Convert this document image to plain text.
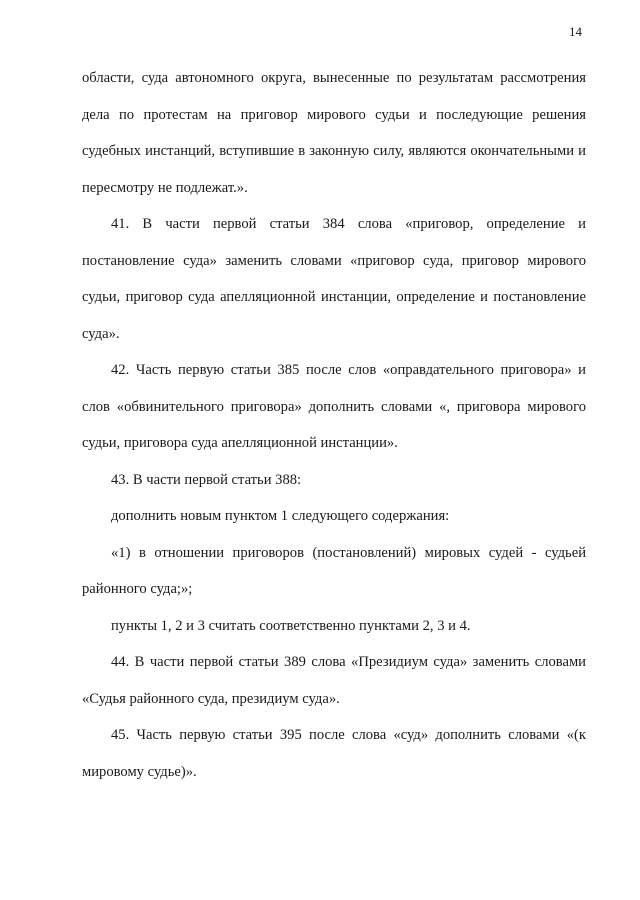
14

области, суда автономного округа, вынесенные по результатам рассмотрения дела по протестам на приговор мирового судьи и последующие решения судебных инстанций, вступившие в законную силу, являются окончательными и пересмотру не подлежат.».

41. В части первой статьи 384 слова «приговор, определение и постановление суда» заменить словами «приговор суда, приговор мирового судьи, приговор суда апелляционной инстанции, определение и постановление суда».

42. Часть первую статьи 385 после слов «оправдательного приговора» и слов «обвинительного приговора» дополнить словами «, приговора мирового судьи, приговора суда апелляционной инстанции».

43. В части первой статьи 388:

дополнить новым пунктом 1 следующего содержания:

«1) в отношении приговоров (постановлений) мировых судей - судьей районного суда;»;

пункты 1, 2 и 3 считать соответственно пунктами 2, 3 и 4.

44. В части первой статьи 389 слова «Президиум суда» заменить словами «Судья районного суда, президиум суда».

45. Часть первую статьи 395 после слова «суд» дополнить словами «(к мировому судье)».
